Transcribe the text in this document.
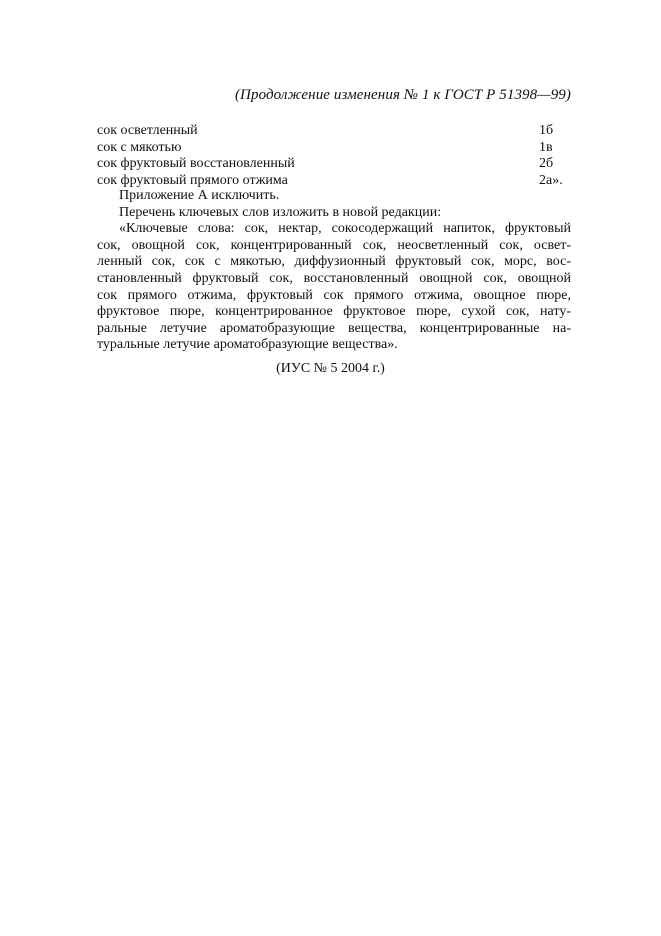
(Продолжение изменения № 1 к ГОСТ Р 51398—99)
сок осветленный	1б
сок с мякотью	1в
сок фруктовый восстановленный	2б
сок фруктовый прямого отжима	2а».

Приложение А исключить.

Перечень ключевых слов изложить в новой редакции:

«Ключевые слова: сок, нектар, сокосодержащий напиток, фруктовый
сок, овощной сок, концентрированный сок, неосветленный сок, освет-
ленный сок, сок с мякотью, диффузионный фруктовый сок, морс, вос-
становленный фруктовый сок, восстановленный овощной сок, овощной
сок прямого отжима, фруктовый сок прямого отжима, овощное пюре,
фруктовое пюре, концентрированное фруктовое пюре, сухой сок, нату-
ральные летучие ароматобразующие вещества, концентрированные на-
туральные летучие ароматобразующие вещества».
(ИУС № 5 2004 г.)
